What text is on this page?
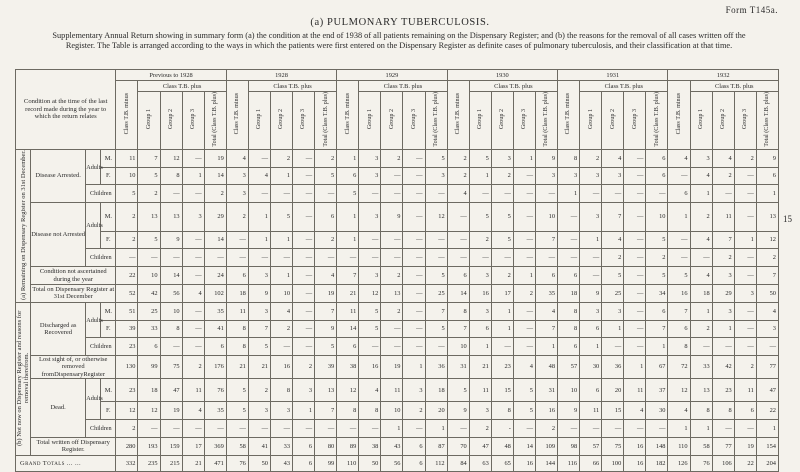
Form T145a.
(a) PULMONARY TUBERCULOSIS.
Supplementary Annual Return showing in summary form (a) the condition at the end of 1938 of all patients remaining on the Dispensary Register; and (b) the reasons for the removal of all cases written off the Register. The Table is arranged according to the ways in which the patients were first entered on the Dispensary Register as definite cases of pulmonary tuberculosis, and their classification at that time.
15
Condition at the time of the last record made during the year to which the return relates				Previous to 1928					1928					1929					1930					1931					1932				
				Class T.B. minus	Class T.B. plus				Class T.B. minus	Class T.B. plus				Class T.B. minus	Class T.B. plus				Class T.B. minus	Class T.B. plus				Class T.B. minus	Class T.B. plus				Class T.B. minus	Class T.B. plus			
					Group 1	Group 2	Group 3	Total (Class T.B. plus)		Group 1	Group 2	Group 3	Total (Class T.B. plus)		Group 1	Group 2	Group 3	Total (Class T.B. plus)		Group 1	Group 2	Group 3	Total (Class T.B. plus)		Group 1	Group 2	Group 3	Total (Class T.B. plus)		Group 1	Group 2	Group 3	Total (Class T.B. plus)
(a) Remaining on Dispensary Register on 31st December.	Disease Arrested.	Adults	M.	11	7	12	—	19	4	—	2	—	2	1	3	2	—	5	2	5	3	1	9	8	2	4	—	6	4	3	4	2	9
			F.	10	5	8	1	14	3	4	1	—	5	6	3	—	—	3	2	1	2	—	3	3	3	3	—	6	—	4	2	—	6
		Children		5	2	—	—	2	3	—	—	—	—	5	—	—	—	—	4	—	—	—	—	1	—	—	—	—	6	1	—	—	1
	Disease not Arrested	Adults	M.	2	13	13	3	29	2	1	5	—	6	1	3	9	—	12	—	5	5	—	10	—	3	7	—	10	1	2	11	—	13
			F.	2	5	9	—	14	—	1	1	—	2	1	—	—	—	—	—	2	5	—	7	—	1	4	—	5	—	4	7	1	12
		Children		—	—	—	—	—	—	—	—	—	—	—	—	—	—	—	—	—	—	—	—	—	—	2	—	2	—	—	2	—	2
	Condition not ascertained during the year			22	10	14	—	24	6	3	1	—	4	7	3	2	—	5	6	3	2	1	6	6	—	5	—	5	5	4	3	—	7
	Total on Dispensary Register at 31st December			52	42	56	4	102	18	9	10	—	19	21	12	13	—	25	14	16	17	2	35	18	9	25	—	34	16	18	29	3	50
(b) Not now on Dispensary Register and reasons for removal therefrom.	Discharged as Recovered	Adults	M.	51	25	10	—	35	11	3	4	—	7	11	5	2	—	7	8	3	1	—	4	8	3	3	—	6	7	1	3	—	4
			F.	39	33	8	—	41	8	7	2	—	9	14	5	—	—	5	7	6	1	—	7	8	6	1	—	7	6	2	1	—	3
		Children		23	6	—	—	6	8	5	—	—	5	6	—	—	—	—	10	1	—	—	1	6	1	—	—	1	8	—	—	—	—
	Lost sight of, or otherwise removed fromDispensaryRegister			130	99	75	2	176	21	21	16	2	39	38	16	19	1	36	31	21	23	4	48	57	30	36	1	67	72	33	42	2	77
	Dead.	Adults	M.	23	18	47	11	76	5	2	8	3	13	12	4	11	3	18	5	11	15	5	31	10	6	20	11	37	12	13	23	11	47
			F.	12	12	19	4	35	5	3	3	1	7	8	8	10	2	20	9	3	8	5	16	9	11	15	4	30	4	8	8	6	22
		Children		2	—	—	—	—	—	—	—	—	—	—	—	1	—	1	—	2	-	—	2	—	—	—	—	—	1	1	—	—	1
	Total written off Dispensary Register.			280	193	159	17	369	58	41	33	6	80	89	38	43	6	87	70	47	48	14	109	98	57	75	16	148	110	58	77	19	154
Grand Totals ... ...				332	235	215	21	471	76	50	43	6	99	110	50	56	6	112	84	63	65	16	144	116	66	100	16	182	126	76	106	22	204
